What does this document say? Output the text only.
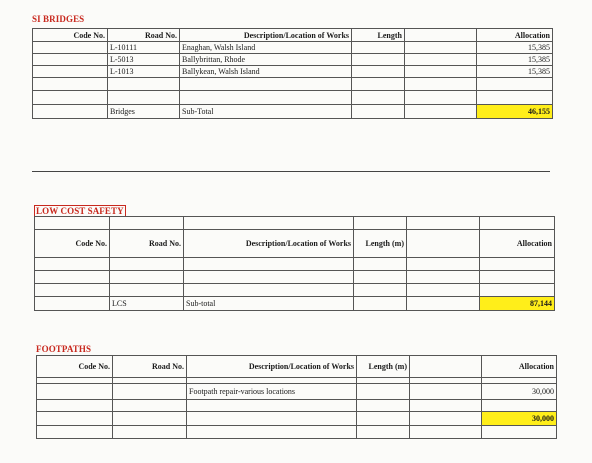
SI BRIDGES
Code No.	Road No.	Description/Location of Works	Length		Allocation
	L-10111	Enaghan, Walsh Island			15,385
	L-5013	Ballybrittan, Rhode			15,385
	L-1013	Ballykean, Walsh Island			15,385

	Bridges	Sub-Total			46,155
LOW COST SAFETY

Code No.	Road No.	Description/Location of Works	Length (m)		Allocation

	LCS	Sub-total			87,144
FOOTPATHS
Code No.	Road No.	Description/Location of Works	Length (m)		Allocation

		Footpath repair-various locations			30,000

					30,000
